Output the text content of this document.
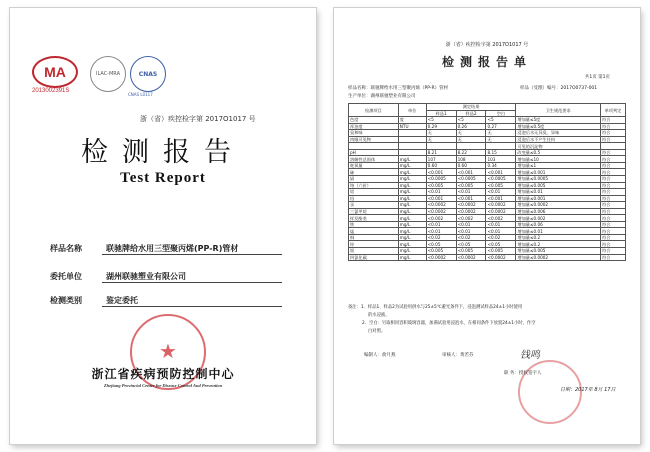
MA
2013002391S
ILAC-MRA	CNAS
CNAS L0117
浙（省）疾控检字第 2017O1017 号
检测报告
Test Report
样品名称	联驰牌给水用三型聚丙烯(PP-R)管材
委托单位	湖州联驰塑业有限公司
检测类别	鉴定委托
★
浙江省疾病预防控制中心
Zhejiang Provincial Center for Disease Control And Prevention
浙（省）疾控检字第 2017O1017 号
检测报告单
共1页 第1页
样品名称：联驰牌给水用三型聚丙烯（PP-R）管材	样品（受理）编号：2017O0737-001
生产单位：湖州联驰塑业有限公司
检测项目	单位	测定结果			卫生规范要求	单项判定
		样品1	样品2	空白		
色度	度	<5	<5	<5	增加量≤5度	符合
浑浊度	NTU	0.29	0.26	0.27	增加量≤0.5度	符合
臭和味		无	无	无	浸泡后水无异臭、异味	符合
肉眼可见物		无	无	无	浸泡后水不产生任何	符合
					可见的沉淀物	
pH		8.21	8.22	8.15	改变量≤0.5	符合
溶解性总固体	mg/L	107	108	103	增加量≤10	符合
耗氧量	mg/L	0.60	0.60	0.34	增加量≤1	符合
砷	mg/L	<0.001	<0.001	<0.001	增加量≤0.001	符合
镉	mg/L	<0.0005	<0.0005	<0.0005	增加量≤0.0005	符合
铬（六价）	mg/L	<0.005	<0.005	<0.005	增加量≤0.005	符合
铝	mg/L	<0.01	<0.01	<0.01	增加量≤0.01	符合
铅	mg/L	<0.001	<0.001	<0.001	增加量≤0.001	符合
汞	mg/L	<0.0002	<0.0002	<0.0002	增加量≤0.0002	符合
三氯甲烷	mg/L	<0.0002	<0.0002	<0.0002	增加量≤0.006	符合
挥发酚类	mg/L	<0.002	<0.002	<0.002	增加量≤0.002	符合
铁	mg/L	<0.01	<0.01	<0.01	增加量≤0.06	符合
锰	mg/L	<0.01	<0.01	<0.01	增加量≤0.01	符合
铜	mg/L	<0.02	<0.02	<0.02	增加量≤0.2	符合
锌	mg/L	<0.05	<0.05	<0.05	增加量≤0.2	符合
银	mg/L	<0.005	<0.005	<0.005	增加量≤0.005	符合
四氯化碳	mg/L	<0.0002	<0.0002	<0.0002	增加量≤0.0002	符合
备注：1．样品1、样品2为试验用供水与25±5℃避光条件下，浸泡测试样品24±1小时使用
的水浸液。
2．空白：另取相同容积玻璃容器，加满试验用浸泡水，在相同条件下放置24±1小时，作空
白对照。
编制人：俞月燕	审核人：黄若芬	钱鸣
职 务：授权签字人
日期：2017年 8月 17日
